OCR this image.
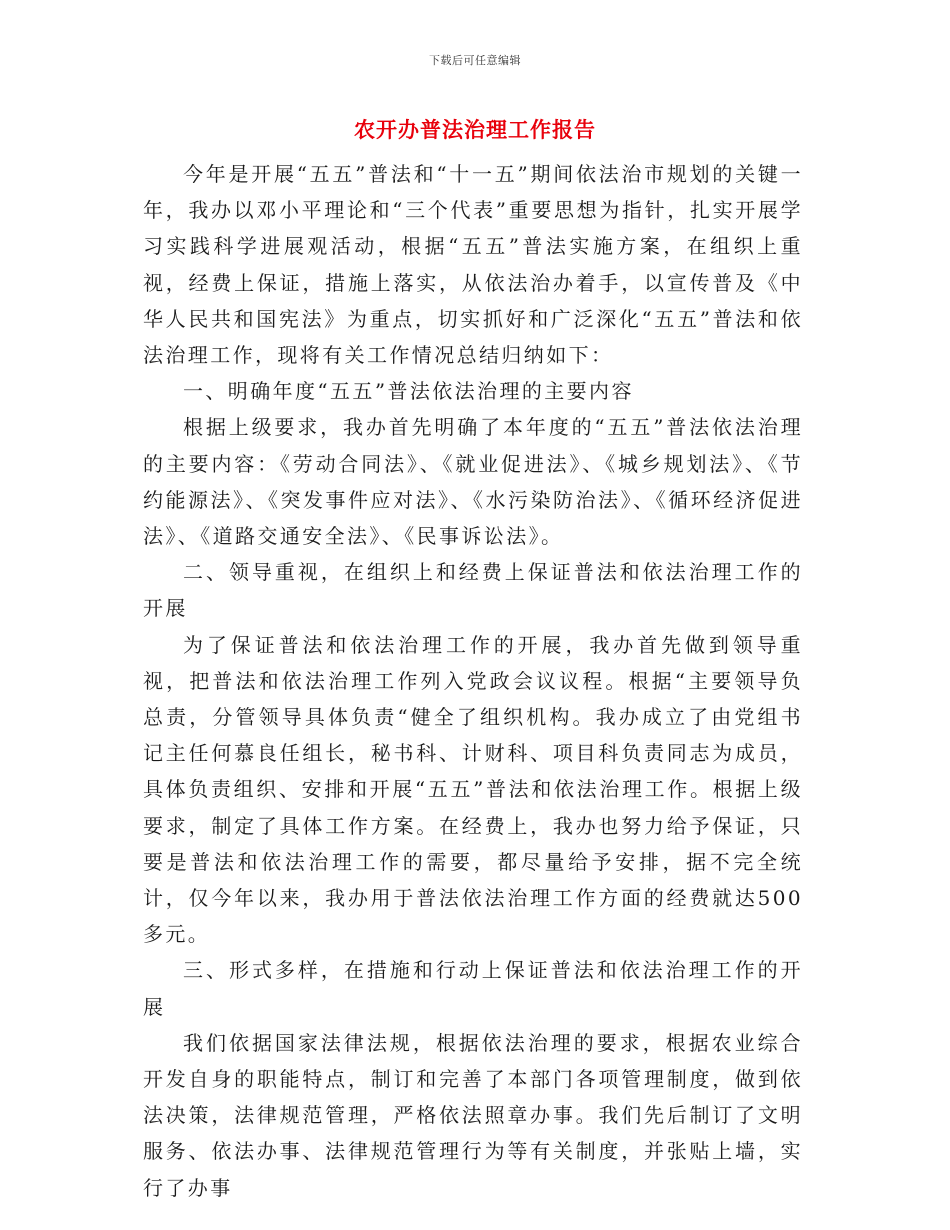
下载后可任意编辑
农开办普法治理工作报告

今年是开展“五五”普法和“十一五”期间依法治市规划的关键一年，我办以邓小平理论和“三个代表”重要思想为指针，扎实开展学习实践科学进展观活动，根据“五五”普法实施方案，在组织上重视，经费上保证，措施上落实，从依法治办着手，以宣传普及《中华人民共和国宪法》为重点，切实抓好和广泛深化“五五”普法和依法治理工作，现将有关工作情况总结归纳如下：

一、明确年度“五五”普法依法治理的主要内容

根据上级要求，我办首先明确了本年度的“五五”普法依法治理的主要内容：《劳动合同法》、《就业促进法》、《城乡规划法》、《节约能源法》、《突发事件应对法》、《水污染防治法》、《循环经济促进法》、《道路交通安全法》、《民事诉讼法》。

二、领导重视，在组织上和经费上保证普法和依法治理工作的开展

为了保证普法和依法治理工作的开展，我办首先做到领导重视，把普法和依法治理工作列入党政会议议程。根据“主要领导负总责，分管领导具体负责“健全了组织机构。我办成立了由党组书记主任何慕良任组长，秘书科、计财科、项目科负责同志为成员，具体负责组织、安排和开展“五五”普法和依法治理工作。根据上级要求，制定了具体工作方案。在经费上，我办也努力给予保证，只要是普法和依法治理工作的需要，都尽量给予安排，据不完全统计，仅今年以来，我办用于普法依法治理工作方面的经费就达500多元。

三、形式多样，在措施和行动上保证普法和依法治理工作的开展

我们依据国家法律法规，根据依法治理的要求，根据农业综合开发自身的职能特点，制订和完善了本部门各项管理制度，做到依法决策，法律规范管理，严格依法照章办事。我们先后制订了文明服务、依法办事、法律规范管理行为等有关制度，并张贴上墙，实行了办事
